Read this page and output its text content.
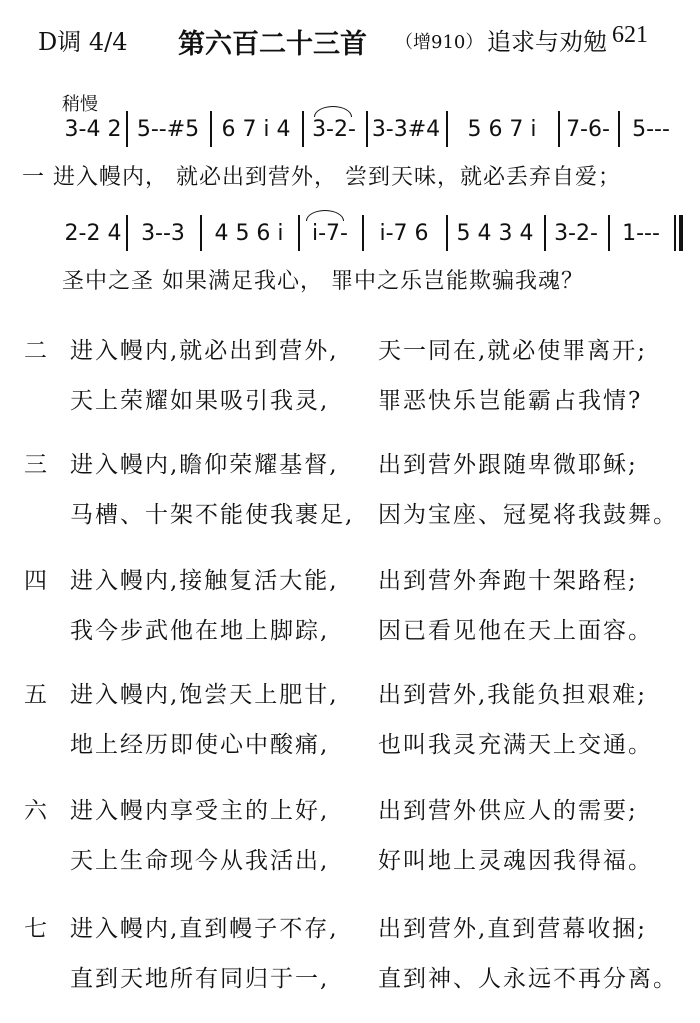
D调 4/4 第六百二十三首 （增910） 追求与劝勉 621
稍慢
3-4 2 5--#5	6 7 i 4 3-2- 3-3#4	5 6 7 i	7-6-	5---
一 进入幔内， 就必出到营外， 尝到天味，就必丢弃自爱；
2-2 4 3--3	4 5 6 i	i-7-	i-7 6	5 4 3 4 3-2-	1---
圣中之圣 如果满足我心， 罪中之乐岂能欺骗我魂？
二 进入幔内,就必出到营外, 天一同在,就必使罪离开;
天上荣耀如果吸引我灵, 罪恶快乐岂能霸占我情?
三 进入幔内,瞻仰荣耀基督, 出到营外跟随卑微耶稣;
马槽、十架不能使我裹足, 因为宝座、冠冕将我鼓舞。
四 进入幔内,接触复活大能, 出到营外奔跑十架路程;
我今步武他在地上脚踪, 因已看见他在天上面容。
五 进入幔内,饱尝天上肥甘, 出到营外,我能负担艰难;
地上经历即使心中酸痛, 也叫我灵充满天上交通。
六 进入幔内享受主的上好, 出到营外供应人的需要;
天上生命现今从我活出, 好叫地上灵魂因我得福。
七 进入幔内,直到幔子不存, 出到营外,直到营幕收捆;
直到天地所有同归于一, 直到神、人永远不再分离。
